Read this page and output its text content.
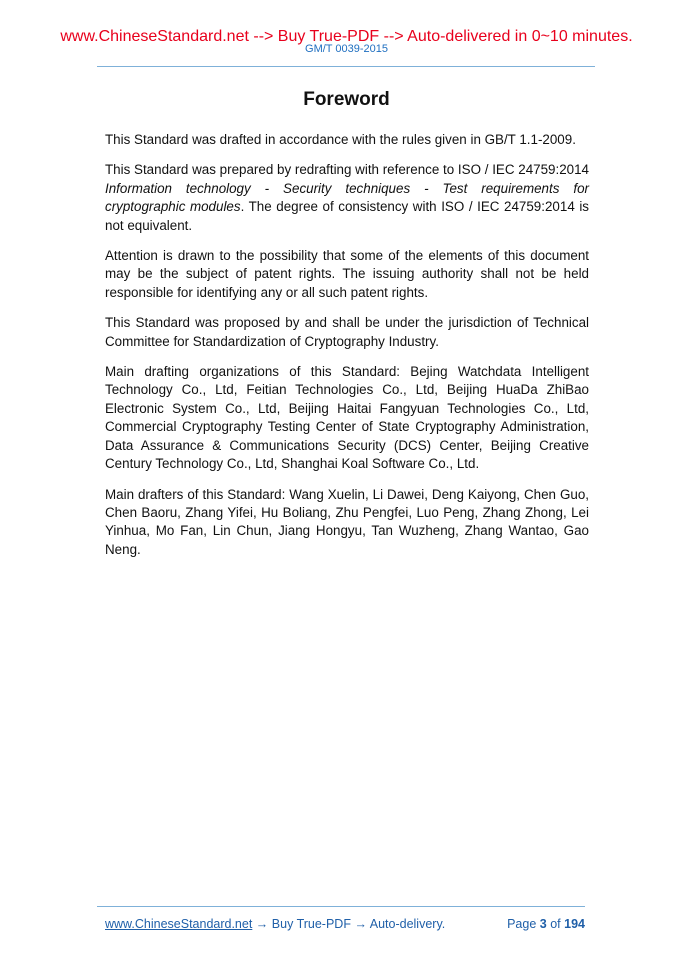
www.ChineseStandard.net --> Buy True-PDF --> Auto-delivered in 0~10 minutes.
GM/T 0039-2015
Foreword

This Standard was drafted in accordance with the rules given in GB/T 1.1-2009.

This Standard was prepared by redrafting with reference to ISO / IEC 24759:2014 Information technology - Security techniques - Test requirements for cryptographic modules. The degree of consistency with ISO / IEC 24759:2014 is not equivalent.

Attention is drawn to the possibility that some of the elements of this document may be the subject of patent rights. The issuing authority shall not be held responsible for identifying any or all such patent rights.

This Standard was proposed by and shall be under the jurisdiction of Technical Committee for Standardization of Cryptography Industry.

Main drafting organizations of this Standard: Bejing Watchdata Intelligent Technology Co., Ltd, Feitian Technologies Co., Ltd, Beijing HuaDa ZhiBao Electronic System Co., Ltd, Beijing Haitai Fangyuan Technologies Co., Ltd, Commercial Cryptography Testing Center of State Cryptography Administration, Data Assurance & Communications Security (DCS) Center, Beijing Creative Century Technology Co., Ltd, Shanghai Koal Software Co., Ltd.

Main drafters of this Standard: Wang Xuelin, Li Dawei, Deng Kaiyong, Chen Guo, Chen Baoru, Zhang Yifei, Hu Boliang, Zhu Pengfei, Luo Peng, Zhang Zhong, Lei Yinhua, Mo Fan, Lin Chun, Jiang Hongyu, Tan Wuzheng, Zhang Wantao, Gao Neng.

www.ChineseStandard.net → Buy True-PDF → Auto-delivery.	Page 3 of 194
